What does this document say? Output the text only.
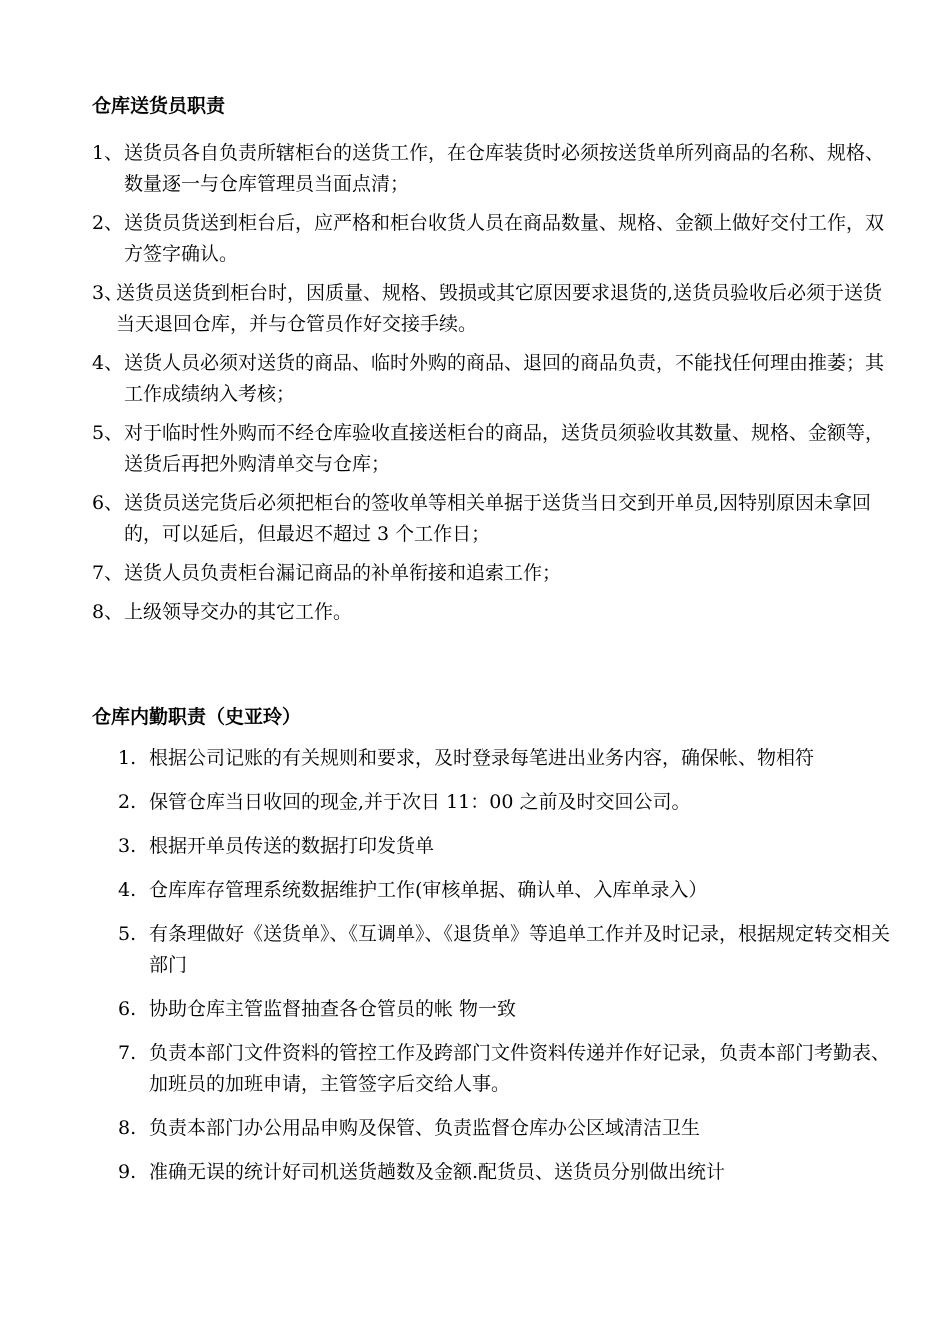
仓库送货员职责
1、 送货员各自负责所辖柜台的送货工作，在仓库装货时必须按送货单所列商品的名称、规格、数量逐一与仓库管理员当面点清；
2、 送货员货送到柜台后，应严格和柜台收货人员在商品数量、规格、金额上做好交付工作，双方签字确认。
3、
送货员送货到柜台时，因质量、规格、毁损或其它原因要求退货的,送货员验收后必须于送货当天退回仓库，并与仓管员作好交接手续。
4、 送货人员必须对送货的商品、临时外购的商品、退回的商品负责，不能找任何理由推萎；其工作成绩纳入考核；
5、 对于临时性外购而不经仓库验收直接送柜台的商品，送货员须验收其数量、规格、金额等，送货后再把外购清单交与仓库；
6、 送货员送完货后必须把柜台的签收单等相关单据于送货当日交到开单员,因特别原因未拿回的，可以延后，但最迟不超过 3 个工作日；
7、 送货人员负责柜台漏记商品的补单衔接和追索工作；
8、 上级领导交办的其它工作。
仓库内勤职责（史亚玲）
1. 根据公司记账的有关规则和要求，及时登录每笔进出业务内容，确保帐、物相符
2. 保管仓库当日收回的现金,并于次日 11：00 之前及时交回公司。
3. 根据开单员传送的数据打印发货单
4. 仓库库存管理系统数据维护工作(审核单据、确认单、入库单录入）
5. 有条理做好《送货单》、《互调单》、《退货单》等追单工作并及时记录，根据规定转交相关部门
6. 协助仓库主管监督抽查各仓管员的帐 物一致
7. 负责本部门文件资料的管控工作及跨部门文件资料传递并作好记录，负责本部门考勤表、加班员的加班申请，主管签字后交给人事。
8. 负责本部门办公用品申购及保管、负责监督仓库办公区域清洁卫生
9. 准确无误的统计好司机送货趟数及金额.配货员、送货员分别做出统计
